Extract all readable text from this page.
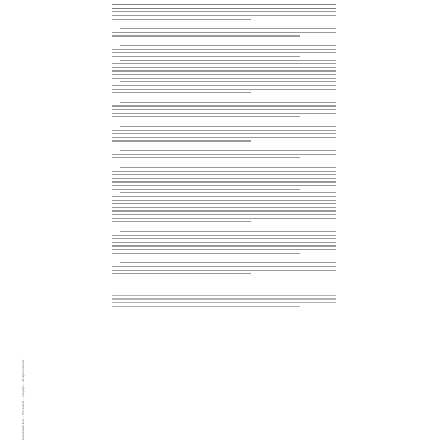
Downloaded from ... The Journal ... Copyright ... All rights reserved.
